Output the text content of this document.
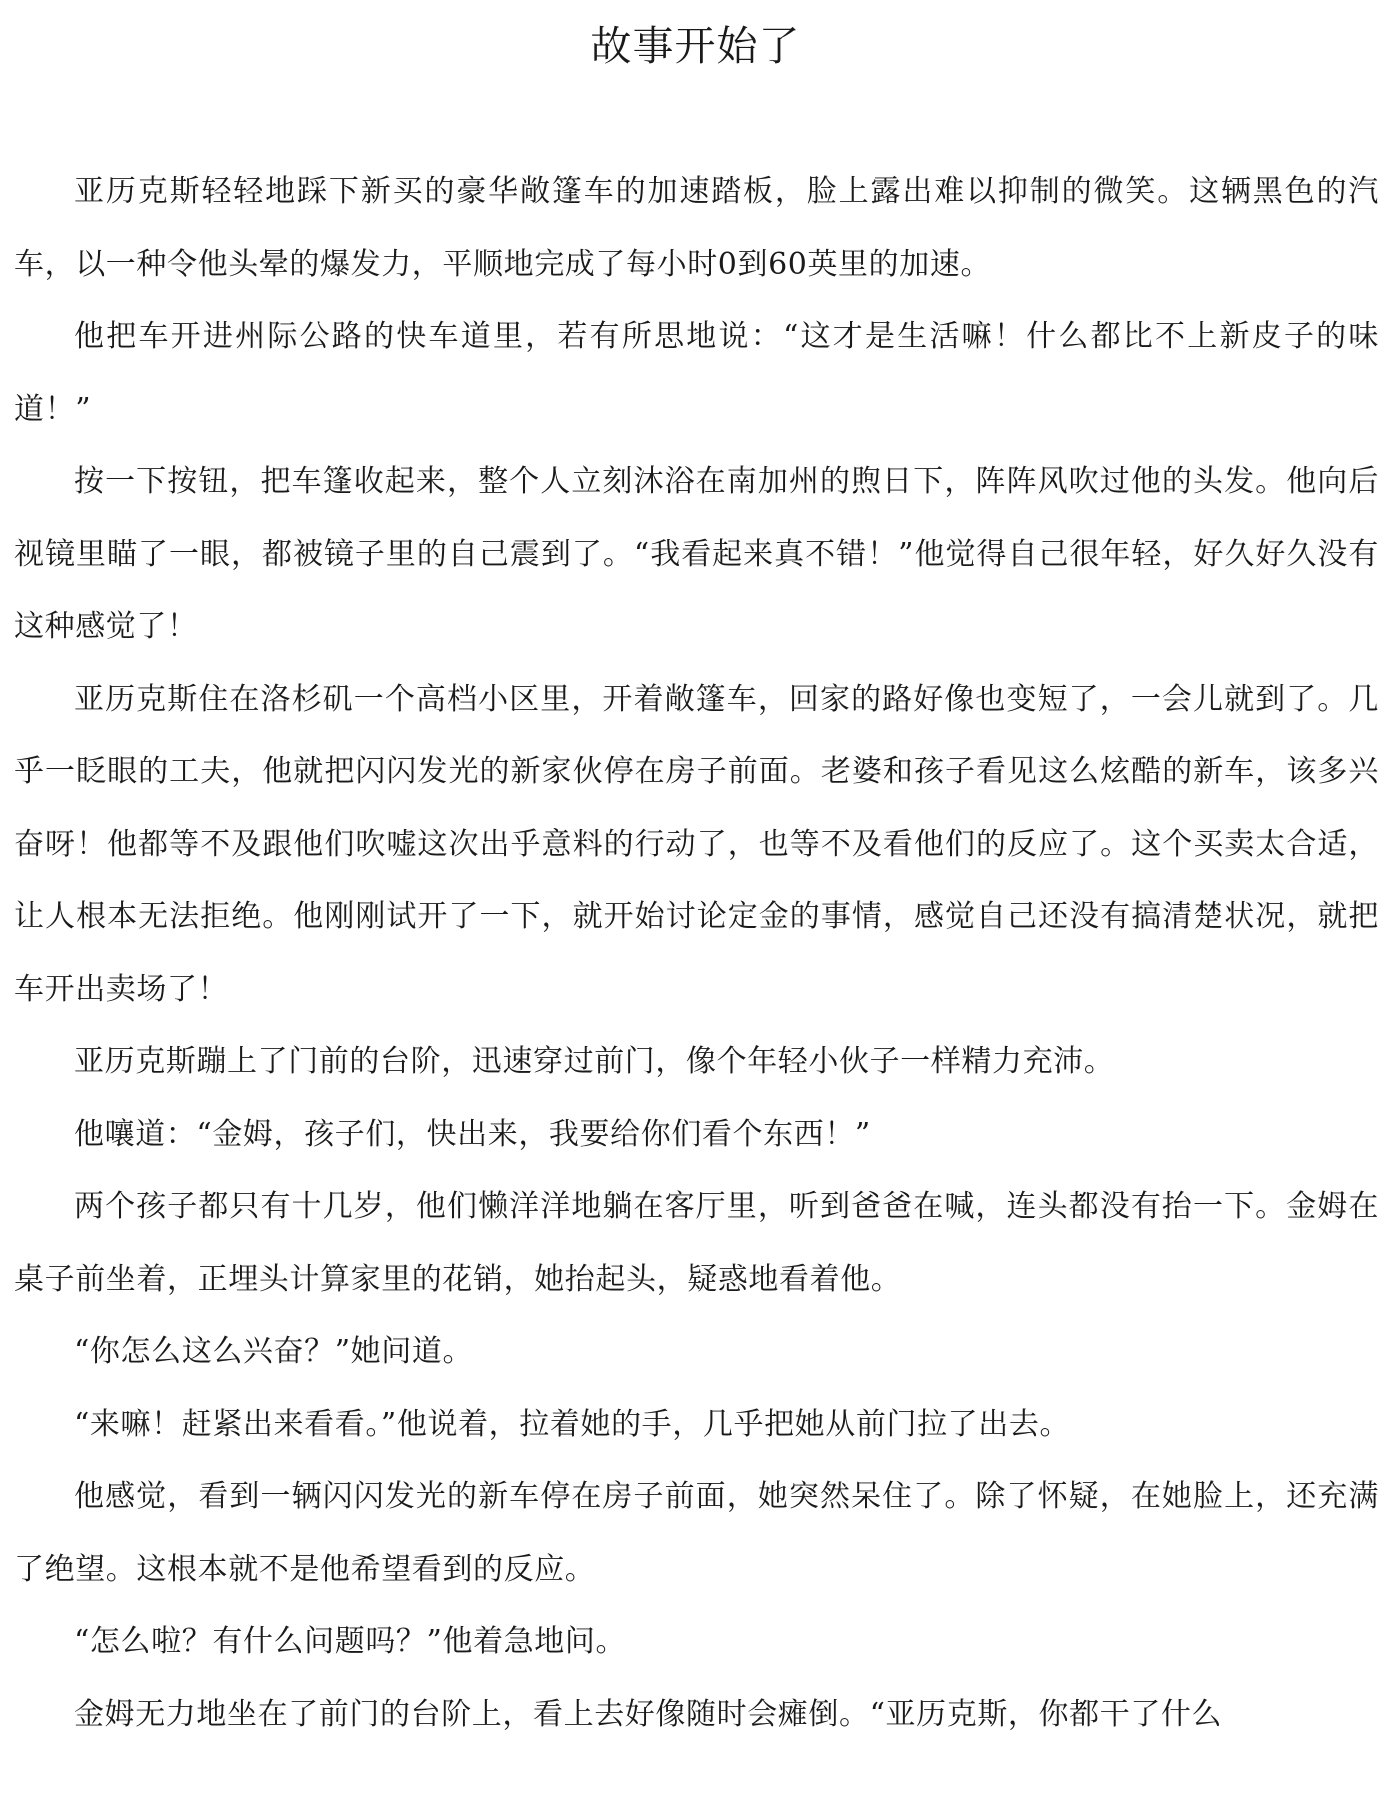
故事开始了

亚历克斯轻轻地踩下新买的豪华敞篷车的加速踏板，脸上露出难以抑制的微笑。这辆黑色的汽车，以一种令他头晕的爆发力，平顺地完成了每小时0到60英里的加速。

他把车开进州际公路的快车道里，若有所思地说：“这才是生活嘛！什么都比不上新皮子的味道！”

按一下按钮，把车篷收起来，整个人立刻沐浴在南加州的煦日下，阵阵风吹过他的头发。他向后视镜里瞄了一眼，都被镜子里的自己震到了。“我看起来真不错！”他觉得自己很年轻，好久好久没有这种感觉了！

亚历克斯住在洛杉矶一个高档小区里，开着敞篷车，回家的路好像也变短了，一会儿就到了。几乎一眨眼的工夫，他就把闪闪发光的新家伙停在房子前面。老婆和孩子看见这么炫酷的新车，该多兴奋呀！他都等不及跟他们吹嘘这次出乎意料的行动了，也等不及看他们的反应了。这个买卖太合适，让人根本无法拒绝。他刚刚试开了一下，就开始讨论定金的事情，感觉自己还没有搞清楚状况，就把车开出卖场了！

亚历克斯蹦上了门前的台阶，迅速穿过前门，像个年轻小伙子一样精力充沛。

他嚷道：“金姆，孩子们，快出来，我要给你们看个东西！”

两个孩子都只有十几岁，他们懒洋洋地躺在客厅里，听到爸爸在喊，连头都没有抬一下。金姆在桌子前坐着，正埋头计算家里的花销，她抬起头，疑惑地看着他。

“你怎么这么兴奋？”她问道。

“来嘛！赶紧出来看看。”他说着，拉着她的手，几乎把她从前门拉了出去。

他感觉，看到一辆闪闪发光的新车停在房子前面，她突然呆住了。除了怀疑，在她脸上，还充满了绝望。这根本就不是他希望看到的反应。

“怎么啦？有什么问题吗？”他着急地问。

金姆无力地坐在了前门的台阶上，看上去好像随时会瘫倒。“亚历克斯，你都干了什么
